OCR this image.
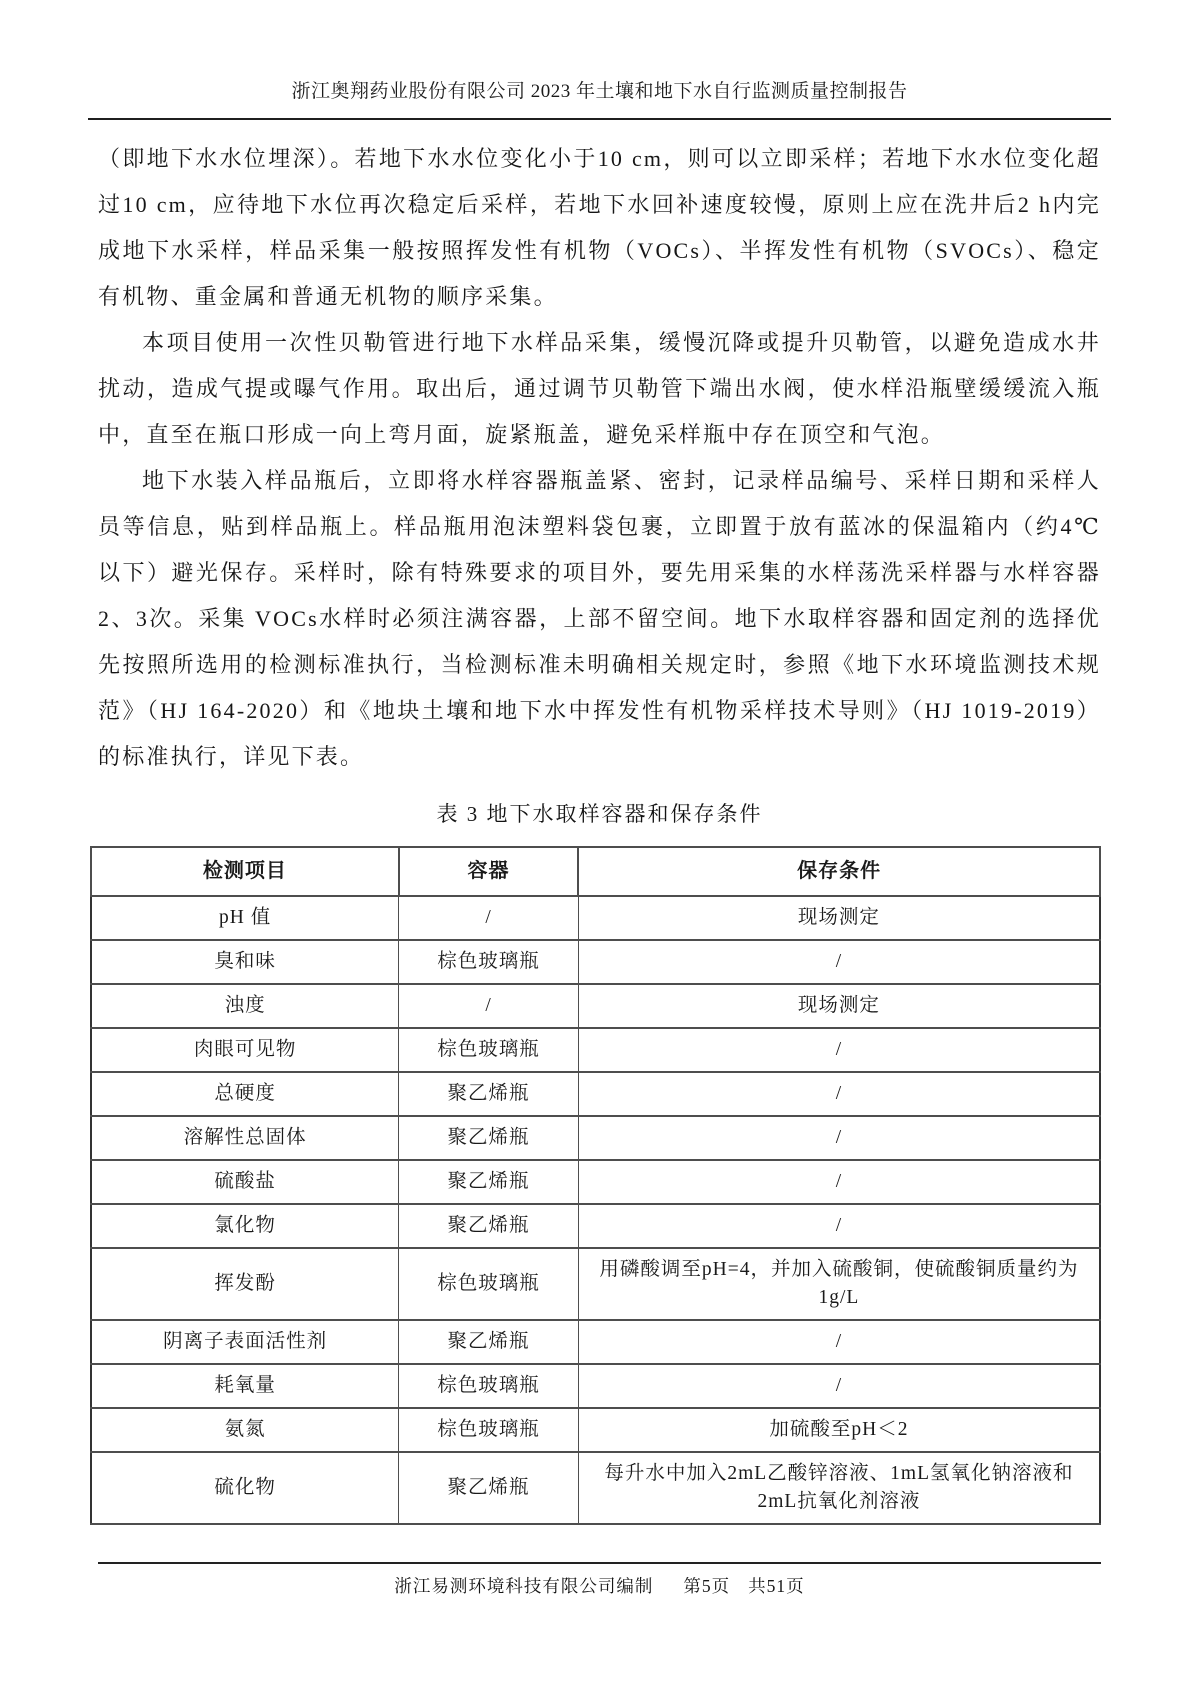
浙江奥翔药业股份有限公司 2023 年土壤和地下水自行监测质量控制报告

（即地下水水位埋深）。若地下水水位变化小于10 cm，则可以立即采样；若地下水水位变化超过10 cm，应待地下水位再次稳定后采样，若地下水回补速度较慢，原则上应在洗井后2 h内完成地下水采样，样品采集一般按照挥发性有机物（VOCs）、半挥发性有机物（SVOCs）、稳定有机物、重金属和普通无机物的顺序采集。

本项目使用一次性贝勒管进行地下水样品采集，缓慢沉降或提升贝勒管，以避免造成水井扰动，造成气提或曝气作用。取出后，通过调节贝勒管下端出水阀，使水样沿瓶壁缓缓流入瓶中，直至在瓶口形成一向上弯月面，旋紧瓶盖，避免采样瓶中存在顶空和气泡。

地下水装入样品瓶后，立即将水样容器瓶盖紧、密封，记录样品编号、采样日期和采样人员等信息，贴到样品瓶上。样品瓶用泡沫塑料袋包裹，立即置于放有蓝冰的保温箱内（约4℃以下）避光保存。采样时，除有特殊要求的项目外，要先用采集的水样荡洗采样器与水样容器2、3次。采集 VOCs水样时必须注满容器，上部不留空间。地下水取样容器和固定剂的选择优先按照所选用的检测标准执行，当检测标准未明确相关规定时，参照《地下水环境监测技术规范》（HJ 164-2020）和《地块土壤和地下水中挥发性有机物采样技术导则》（HJ 1019-2019）的标准执行，详见下表。

表 3 地下水取样容器和保存条件
检测项目	容器	保存条件
pH 值	/	现场测定
臭和味	棕色玻璃瓶	/
浊度	/	现场测定
肉眼可见物	棕色玻璃瓶	/
总硬度	聚乙烯瓶	/
溶解性总固体	聚乙烯瓶	/
硫酸盐	聚乙烯瓶	/
氯化物	聚乙烯瓶	/
挥发酚	棕色玻璃瓶	用磷酸调至pH=4，并加入硫酸铜，使硫酸铜质量约为1g/L
阴离子表面活性剂	聚乙烯瓶	/
耗氧量	棕色玻璃瓶	/
氨氮	棕色玻璃瓶	加硫酸至pH＜2
硫化物	聚乙烯瓶	每升水中加入2mL乙酸锌溶液、1mL氢氧化钠溶液和2mL抗氧化剂溶液
浙江易测环境科技有限公司编制 第5页 共51页
